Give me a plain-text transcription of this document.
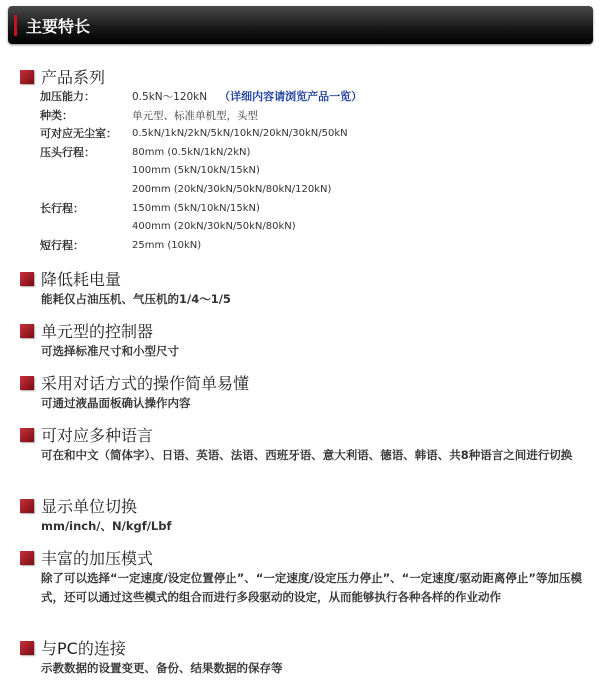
主要特长
产品系列
加压能力：	0.5kN～120kN （详细内容请浏览产品一览）
种类：	单元型、标准单机型，头型
可对应无尘室：	0.5kN/1kN/2kN/5kN/10kN/20kN/30kN/50kN
压头行程：	80mm (0.5kN/1kN/2kN)
100mm (5kN/10kN/15kN)
200mm (20kN/30kN/50kN/80kN/120kN)
长行程：	150mm (5kN/10kN/15kN)
400mm (20kN/30kN/50kN/80kN)
短行程：	25mm (10kN)
降低耗电量
能耗仅占油压机、气压机的1/4～1/5
单元型的控制器
可选择标准尺寸和小型尺寸
采用对话方式的操作简单易懂
可通过液晶面板确认操作内容
可对应多种语言
可在和中文（简体字）、日语、英语、法语、西班牙语、意大利语、德语、韩语、共8种语言之间进行切换
显示单位切换
mm/inch/、N/kgf/Lbf
丰富的加压模式
除了可以选择“一定速度/设定位置停止”、“一定速度/设定压力停止”、“一定速度/驱动距离停止”等加压模式，还可以通过这些模式的组合而进行多段驱动的设定，从而能够执行各种各样的作业动作
与PC的连接
示教数据的设置变更、备份、结果数据的保存等
